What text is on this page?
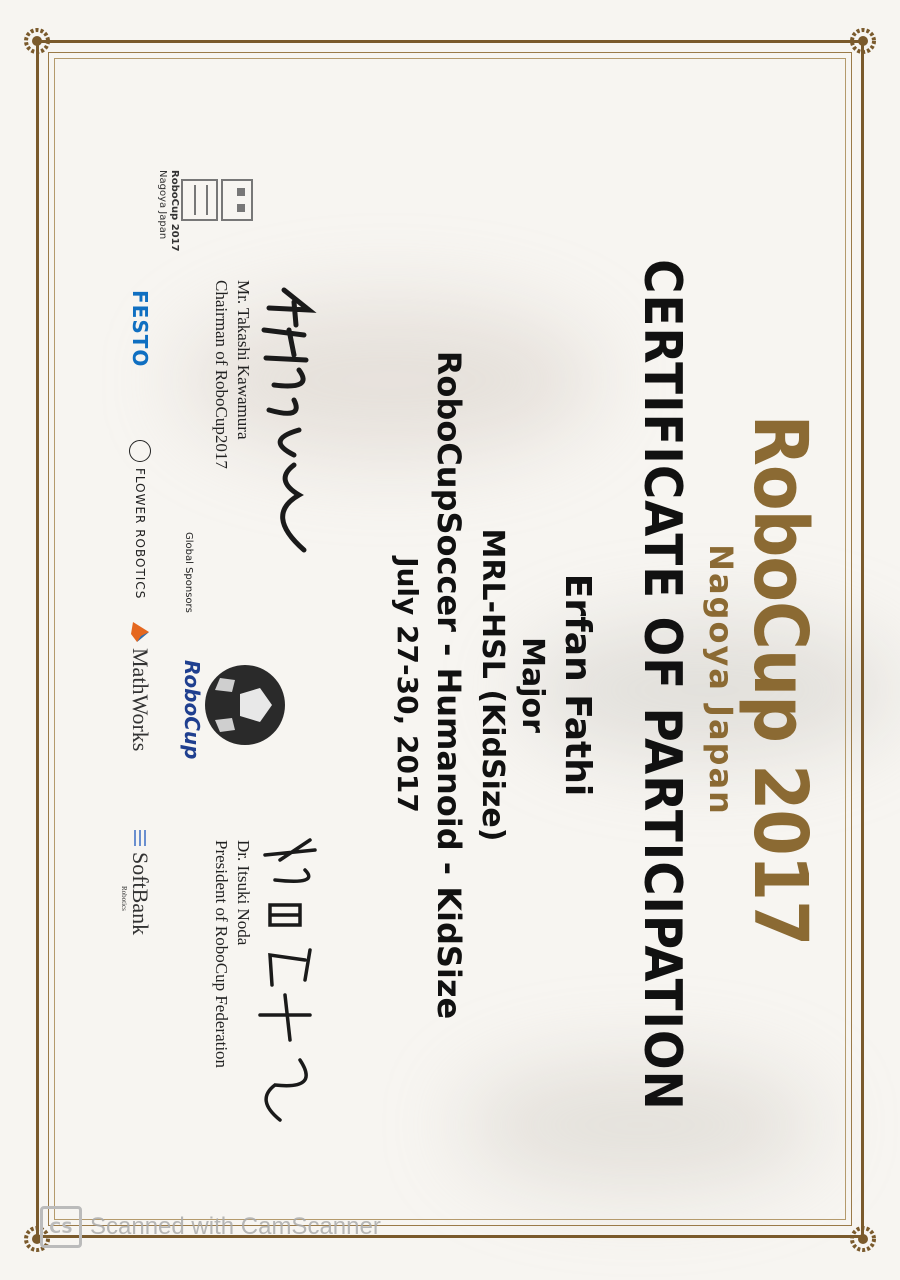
RoboCup 2017
Nagoya Japan
CERTIFICATE OF PARTICIPATION
Erfan Fathi
Major
MRL-HSL (KidSize)
RoboCupSoccer - Humanoid - KidSize
July 27-30, 2017
Mr. Takashi Kawamura
Chairman of RoboCup2017
Dr. Itsuki Noda
President of RoboCup Federation
RoboCup 2017
Nagoya Japan
RoboCup
Global Sponsors
FESTO
FLOWER ROBOTICS
MathWorks
SoftBank
Robotics
CS Scanned with CamScanner
